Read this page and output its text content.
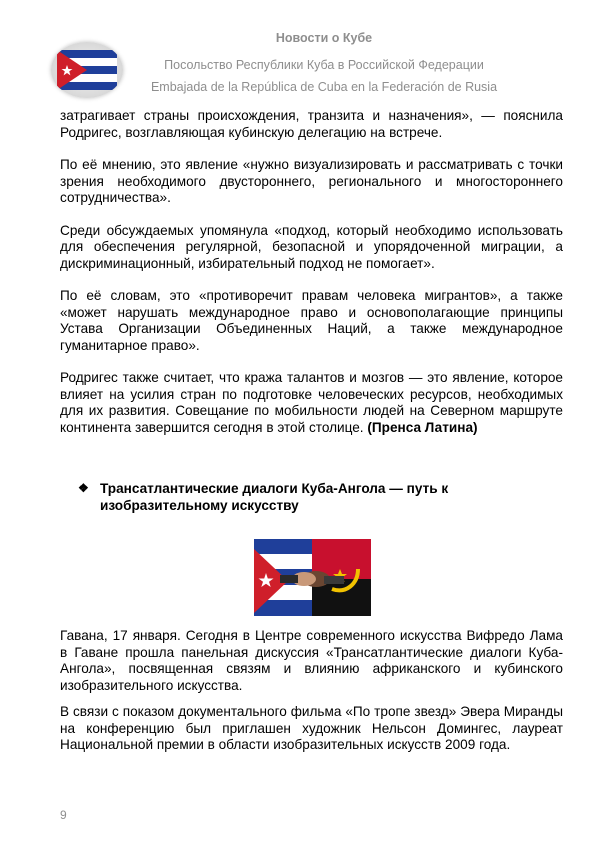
Новости о Кубе
Посольство Республики Куба в Российской Федерации
Embajada de la República de Cuba en la Federación de Rusia

затрагивает страны происхождения, транзита и назначения», — пояснила Родригес, возглавляющая кубинскую делегацию на встрече.

По её мнению, это явление «нужно визуализировать и рассматривать с точки зрения необходимого двустороннего, регионального и многостороннего сотрудничества».

Среди обсуждаемых упомянула «подход, который необходимо использовать для обеспечения регулярной, безопасной и упорядоченной миграции, а дискриминационный, избирательный подход не помогает».

По её словам, это «противоречит правам человека мигрантов», а также «может нарушать международное право и основополагающие принципы Устава Организации Объединенных Наций, а также международное гуманитарное право».

Родригес также считает, что кража талантов и мозгов — это явление, которое влияет на усилия стран по подготовке человеческих ресурсов, необходимых для их развития. Совещание по мобильности людей на Северном маршруте континента завершится сегодня в этой столице. (Пренса Латина)

❖ Трансатлантические диалоги Куба-Ангола — путь к
изобразительному искусству

Гавана, 17 января. Сегодня в Центре современного искусства Вифредо Лама в Гаване прошла панельная дискуссия «Трансатлантические диалоги Куба-Ангола», посвященная связям и влиянию африканского и кубинского изобразительного искусства.

В связи с показом документального фильма «По тропе звезд» Эвера Миранды на конференцию был приглашен художник Нельсон Домингес, лауреат Национальной премии в области изобразительных искусств 2009 года.

9
